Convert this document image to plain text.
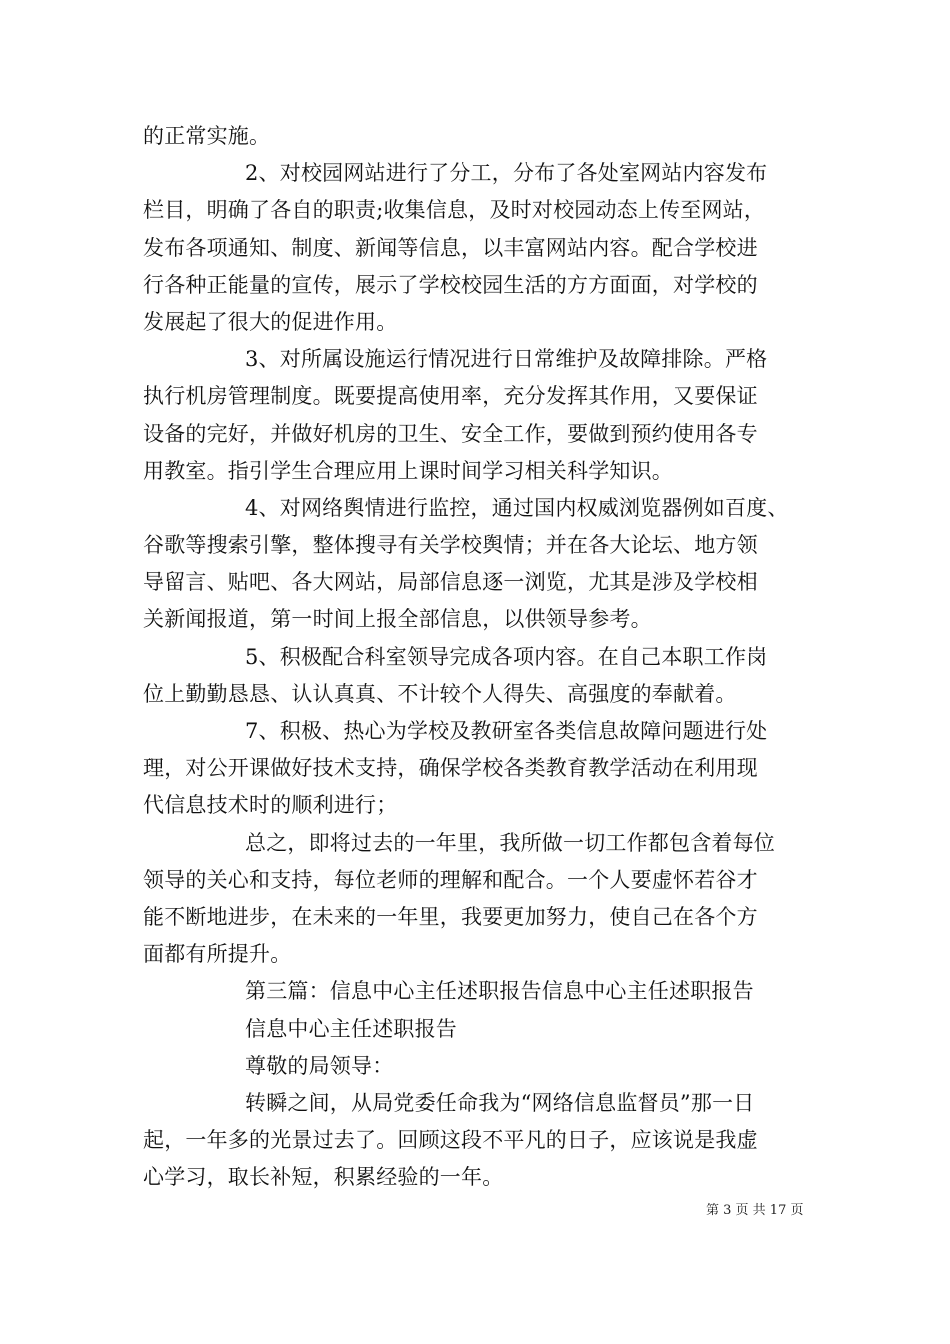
的正常实施。
2、对校园网站进行了分工，分布了各处室网站内容发布
栏目，明确了各自的职责;收集信息，及时对校园动态上传至网站，
发布各项通知、制度、新闻等信息，以丰富网站内容。配合学校进
行各种正能量的宣传，展示了学校校园生活的方方面面，对学校的
发展起了很大的促进作用。
3、对所属设施运行情况进行日常维护及故障排除。严格
执行机房管理制度。既要提高使用率，充分发挥其作用，又要保证
设备的完好，并做好机房的卫生、安全工作，要做到预约使用各专
用教室。指引学生合理应用上课时间学习相关科学知识。
4、对网络舆情进行监控，通过国内权威浏览器例如百度、
谷歌等搜索引擎，整体搜寻有关学校舆情；并在各大论坛、地方领
导留言、贴吧、各大网站，局部信息逐一浏览，尤其是涉及学校相
关新闻报道，第一时间上报全部信息，以供领导参考。
5、积极配合科室领导完成各项内容。在自己本职工作岗
位上勤勤恳恳、认认真真、不计较个人得失、高强度的奉献着。
7、积极、热心为学校及教研室各类信息故障问题进行处
理，对公开课做好技术支持，确保学校各类教育教学活动在利用现
代信息技术时的顺利进行；
总之，即将过去的一年里，我所做一切工作都包含着每位
领导的关心和支持，每位老师的理解和配合。一个人要虚怀若谷才
能不断地进步，在未来的一年里，我要更加努力，使自己在各个方
面都有所提升。
第三篇：信息中心主任述职报告信息中心主任述职报告
信息中心主任述职报告
尊敬的局领导：
转瞬之间，从局党委任命我为“网络信息监督员”那一日
起，一年多的光景过去了。回顾这段不平凡的日子，应该说是我虚
心学习，取长补短，积累经验的一年。
第 3 页 共 17 页
